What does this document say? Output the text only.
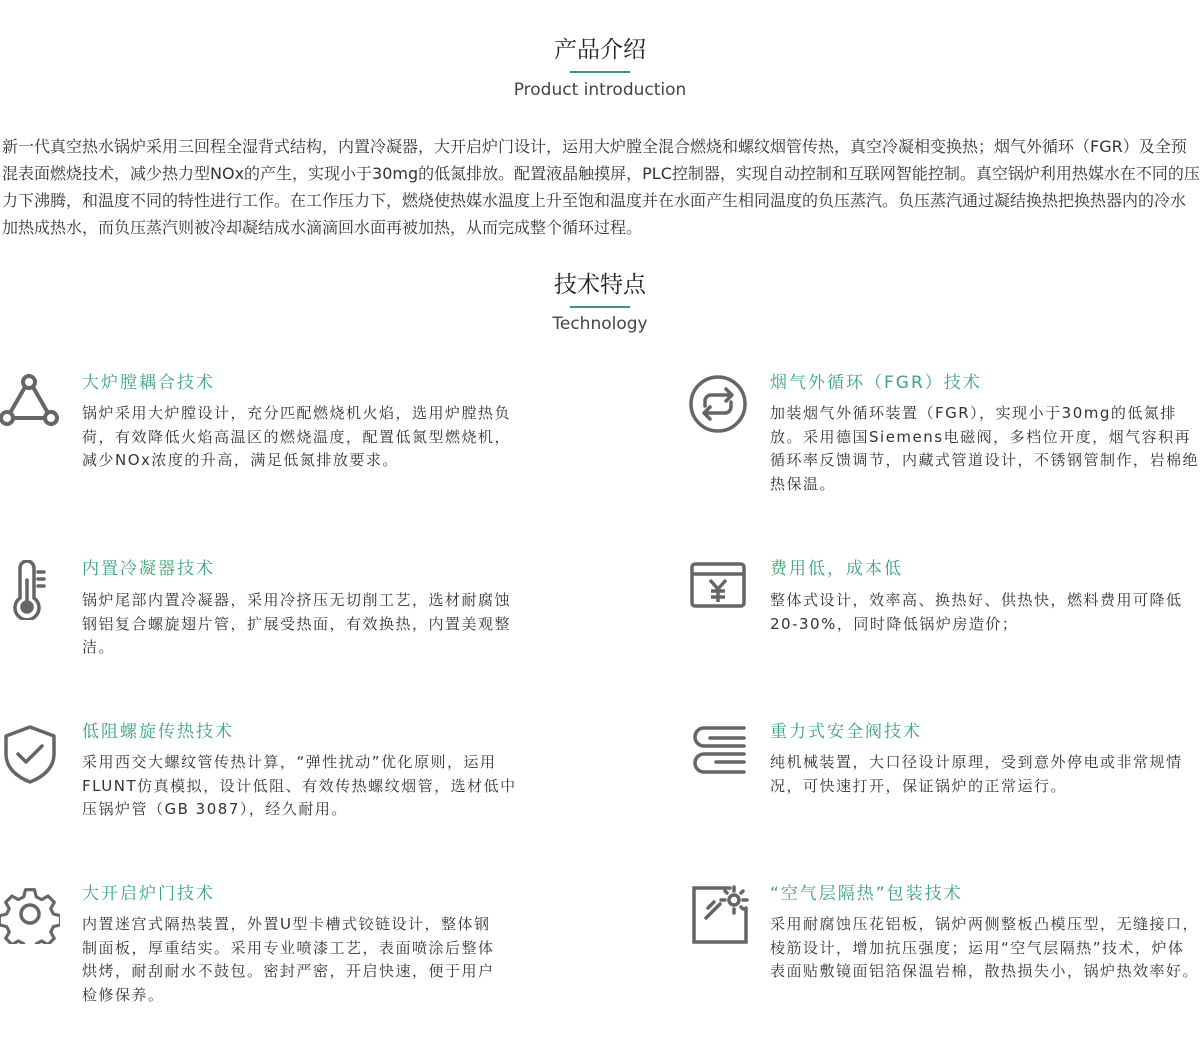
产品介绍
Product introduction

新一代真空热水锅炉采用三回程全湿背式结构，内置冷凝器，大开启炉门设计，运用大炉膛全混合燃烧和螺纹烟管传热，真空冷凝相变换热；烟气外循环（FGR）及全预混表面燃烧技术，减少热力型NOx的产生，实现小于30mg的低氮排放。配置液晶触摸屏，PLC控制器，实现自动控制和互联网智能控制。真空锅炉利用热媒水在不同的压力下沸腾，和温度不同的特性进行工作。在工作压力下，燃烧使热媒水温度上升至饱和温度并在水面产生相同温度的负压蒸汽。负压蒸汽通过凝结换热把换热器内的冷水加热成热水，而负压蒸汽则被冷却凝结成水滴滴回水面再被加热，从而完成整个循环过程。

技术特点
Technology
大炉膛耦合技术

锅炉采用大炉膛设计，充分匹配燃烧机火焰，选用炉膛热负荷，有效降低火焰高温区的燃烧温度，配置低氮型燃烧机，减少NOx浓度的升高，满足低氮排放要求。

烟气外循环（FGR）技术

加装烟气外循环装置（FGR），实现小于30mg的低氮排放。采用德国Siemens电磁阀，多档位开度，烟气容积再循环率反馈调节，内藏式管道设计，不锈钢管制作，岩棉绝热保温。

内置冷凝器技术

锅炉尾部内置冷凝器，采用冷挤压无切削工艺，选材耐腐蚀钢铝复合螺旋翅片管，扩展受热面，有效换热，内置美观整洁。

费用低，成本低

整体式设计，效率高、换热好、供热快，燃料费用可降低20-30%，同时降低锅炉房造价；

低阻螺旋传热技术

采用西交大螺纹管传热计算，“弹性扰动”优化原则，运用FLUNT仿真模拟，设计低阻、有效传热螺纹烟管，选材低中压锅炉管（GB 3087），经久耐用。

重力式安全阀技术

纯机械装置，大口径设计原理，受到意外停电或非常规情况，可快速打开，保证锅炉的正常运行。

大开启炉门技术

内置迷宫式隔热装置，外置U型卡槽式铰链设计，整体钢制面板，厚重结实。采用专业喷漆工艺，表面喷涂后整体烘烤，耐刮耐水不鼓包。密封严密，开启快速，便于用户检修保养。

“空气层隔热”包装技术

采用耐腐蚀压花铝板，锅炉两侧整板凸模压型，无缝接口，棱筋设计，增加抗压强度；运用“空气层隔热”技术，炉体表面贴敷镜面铝箔保温岩棉，散热损失小，锅炉热效率好。
